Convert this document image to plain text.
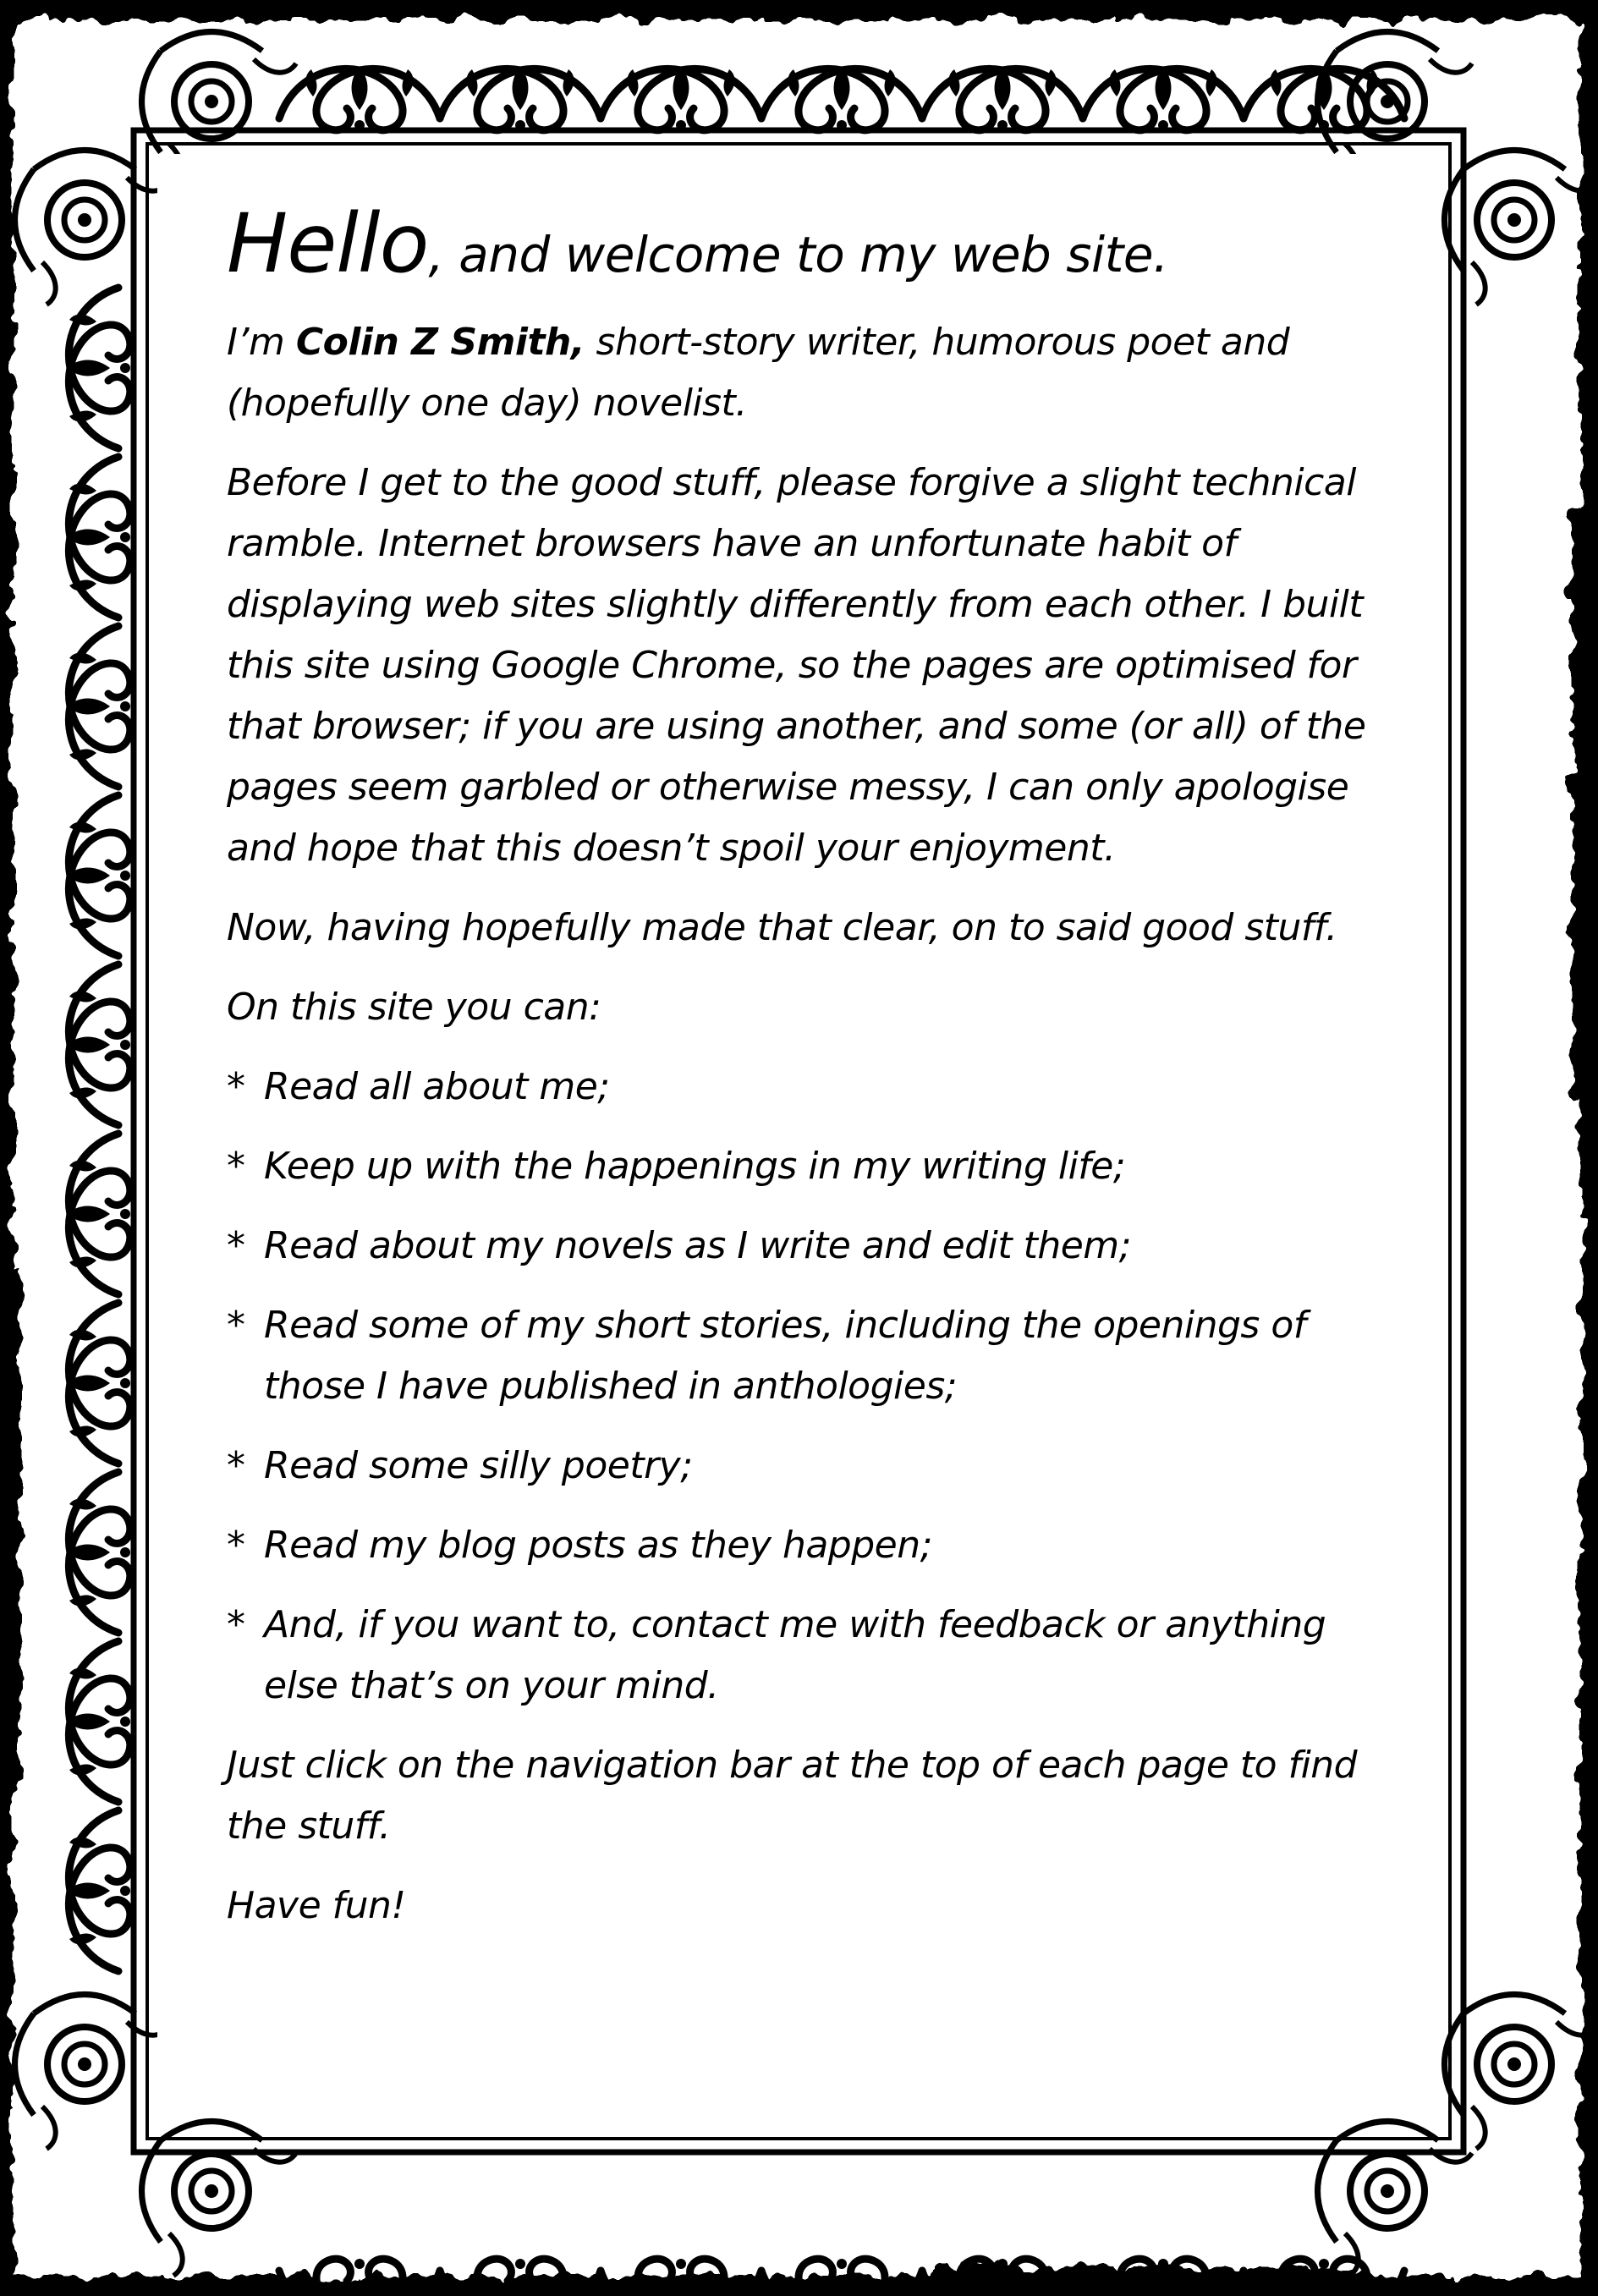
Hello, and welcome to my web site.

I’m Colin Z Smith, short-story writer, humorous poet and (hopefully one day) novelist.

Before I get to the good stuff, please forgive a slight technical ramble. Internet browsers have an unfortunate habit of displaying web sites slightly differently from each other. I built this site using Google Chrome, so the pages are optimised for that browser; if you are using another, and some (or all) of the pages seem garbled or otherwise messy, I can only apologise and hope that this doesn’t spoil your enjoyment.

Now, having hopefully made that clear, on to said good stuff.

On this site you can:

* Read all about me;
* Keep up with the happenings in my writing life;
* Read about my novels as I write and edit them;
* Read some of my short stories, including the openings of those I have published in anthologies;
* Read some silly poetry;
* Read my blog posts as they happen;
* And, if you want to, contact me with feedback or anything else that’s on your mind.

Just click on the navigation bar at the top of each page to find the stuff.

Have fun!
